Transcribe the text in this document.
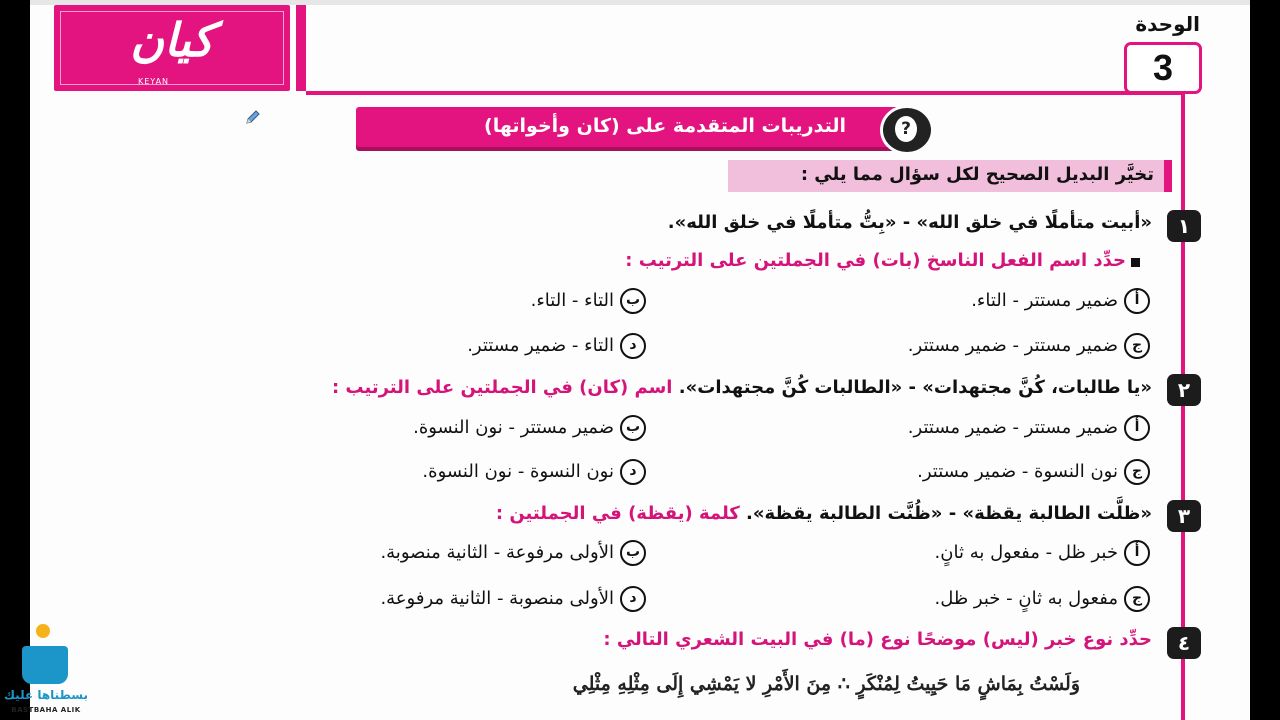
كيان
KEYAN
الوحدة
3
التدريبات المتقدمة على (كان وأخواتها)	?
تخيَّر البديل الصحيح لكل سؤال مما يلي :
١
«أبيت متأملًا في خلق الله» - «بِتُّ متأملًا في خلق الله».
حدِّد اسم الفعل الناسخ (بات) في الجملتين على الترتيب :
أضمير مستتر - التاء.
بالتاء - التاء.
جضمير مستتر - ضمير مستتر.
دالتاء - ضمير مستتر.
٢
«يا طالبات، كُنَّ مجتهدات» - «الطالبات كُنَّ مجتهدات». اسم (كان) في الجملتين على الترتيب :
أضمير مستتر - ضمير مستتر.
بضمير مستتر - نون النسوة.
جنون النسوة - ضمير مستتر.
دنون النسوة - نون النسوة.
٣
«ظلَّت الطالبة يقظة» - «ظُنَّت الطالبة يقظة». كلمة (يقظة) في الجملتين :
أخبر ظل - مفعول به ثانٍ.
بالأولى مرفوعة - الثانية منصوبة.
جمفعول به ثانٍ - خبر ظل.
دالأولى منصوبة - الثانية مرفوعة.
٤
حدِّد نوع خبر (ليس) موضحًا نوع (ما) في البيت الشعري التالي :
وَلَسْتُ بِمَاشٍ مَا حَيِيتُ لِمُنْكَرٍ ∴ مِنَ الأَمْرِ لا يَمْشِي إِلَى مِثْلِهِ مِثْلِي
بسطناها عليك
BASTBAHA ALIK
